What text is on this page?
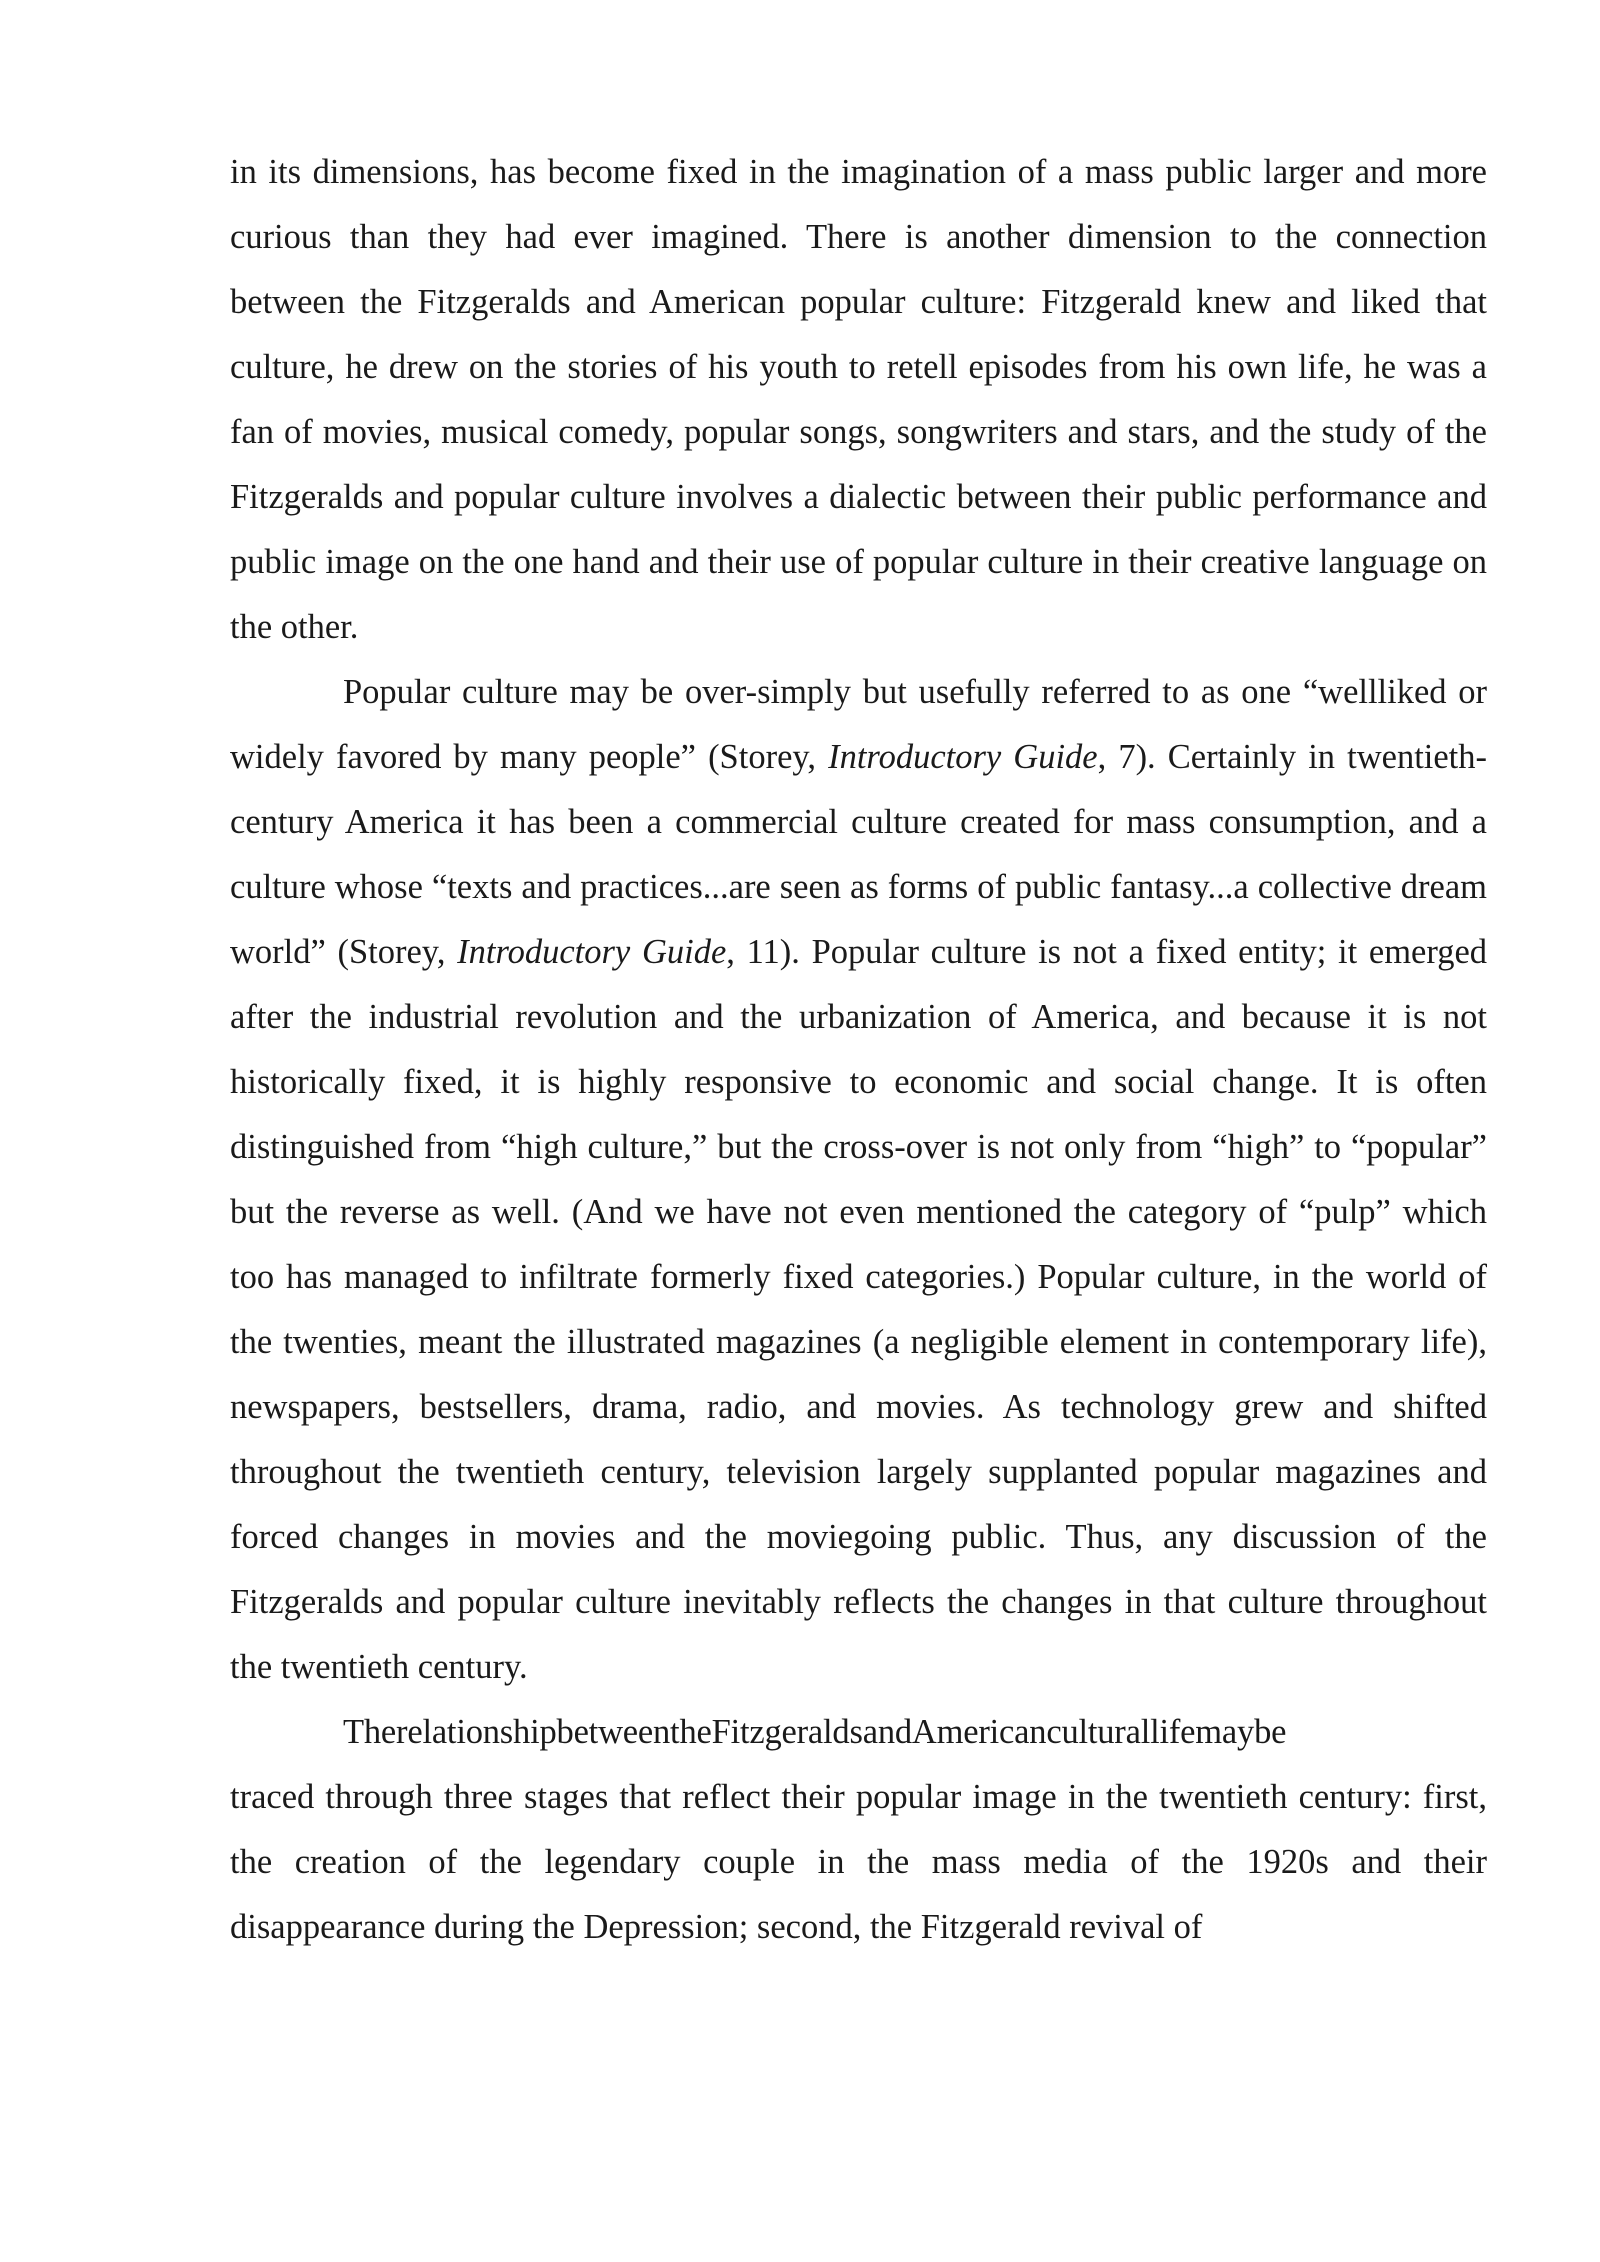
in its dimensions, has become fixed in the imagination of a mass public larger and more curious than they had ever imagined. There is another dimension to the connection between the Fitzgeralds and American popular culture: Fitzgerald knew and liked that culture, he drew on the stories of his youth to retell episodes from his own life, he was a fan of movies, musical comedy, popular songs, songwriters and stars, and the study of the Fitzgeralds and popular culture involves a dialectic between their public performance and public image on the one hand and their use of popular culture in their creative language on the other.

Popular culture may be over-simply but usefully referred to as one “wellliked or widely favored by many people” (Storey, Introductory Guide, 7). Certainly in twentieth-century America it has been a commercial culture created for mass consumption, and a culture whose “texts and practices...are seen as forms of public fantasy...a collective dream world” (Storey, Introductory Guide, 11). Popular culture is not a fixed entity; it emerged after the industrial revolution and the urbanization of America, and because it is not historically fixed, it is highly responsive to economic and social change. It is often distinguished from “high culture,” but the cross-over is not only from “high” to “popular” but the reverse as well. (And we have not even mentioned the category of “pulp” which too has managed to infiltrate formerly fixed categories.) Popular culture, in the world of the twenties, meant the illustrated magazines (a negligible element in contemporary life), newspapers, bestsellers, drama, radio, and movies. As technology grew and shifted throughout the twentieth century, television largely supplanted popular magazines and forced changes in movies and the moviegoing public. Thus, any discussion of the Fitzgeralds and popular culture inevitably reflects the changes in that culture throughout the twentieth century.

TherelationshipbetweentheFitzgeraldsandAmericanculturallifemaybe
traced through three stages that reflect their popular image in the twentieth century: first, the creation of the legendary couple in the mass media of the 1920s and their disappearance during the Depression; second, the Fitzgerald revival of
